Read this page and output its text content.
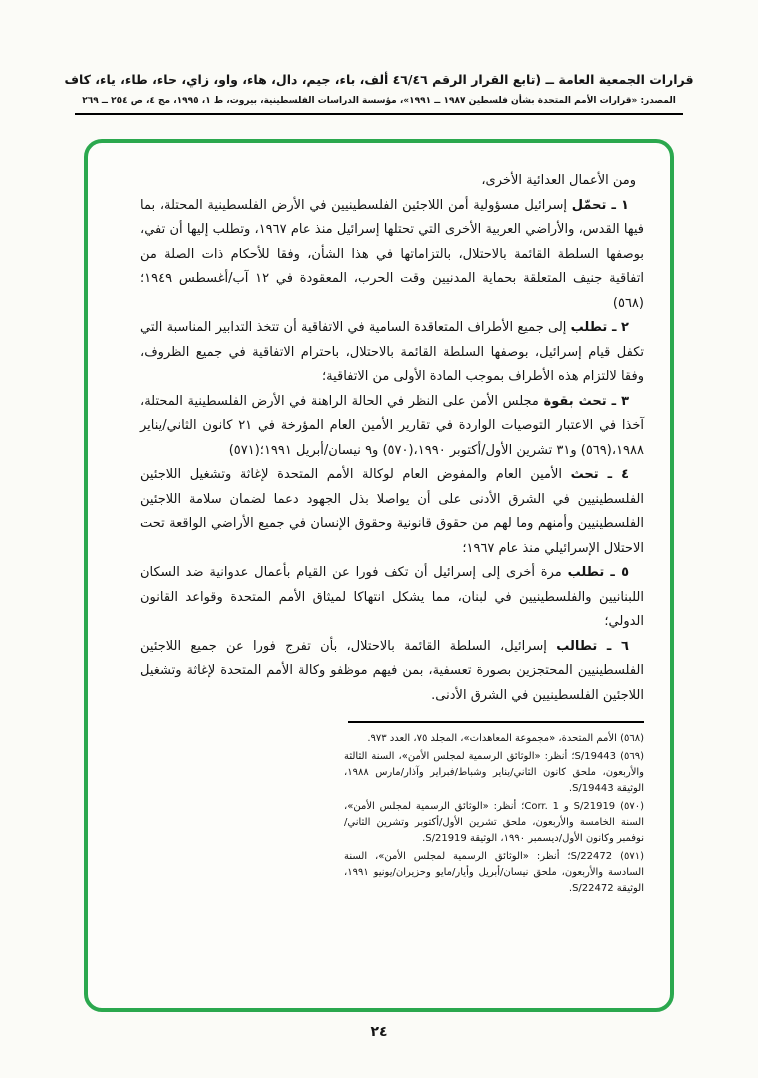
قرارات الجمعية العامة ــ (تابع القرار الرقم ٤٦/٤٦ ألف، باء، جيم، دال، هاء، واو، زاي، حاء، طاء، ياء، كاف
المصدر: «قرارات الأمم المتحدة بشأن فلسطين ١٩٨٧ ــ ١٩٩١»، مؤسسة الدراسات الفلسطينية، بيروت، ط ١، ١٩٩٥، مج ٤، ص ٢٥٤ ــ ٢٦٩

ومن الأعمال العدائية الأخرى،

١ ـ تحمّل إسرائيل مسؤولية أمن اللاجئين الفلسطينيين في الأرض الفلسطينية المحتلة، بما فيها القدس، والأراضي العربية الأخرى التي تحتلها إسرائيل منذ عام ١٩٦٧، وتطلب إليها أن تفي، بوصفها السلطة القائمة بالاحتلال، بالتزاماتها في هذا الشأن، وفقا للأحكام ذات الصلة من اتفاقية جنيف المتعلقة بحماية المدنيين وقت الحرب، المعقودة في ١٢ آب/أغسطس ١٩٤٩؛(٥٦٨)

٢ ـ تطلب إلى جميع الأطراف المتعاقدة السامية في الاتفاقية أن تتخذ التدابير المناسبة التي تكفل قيام إسرائيل، بوصفها السلطة القائمة بالاحتلال، باحترام الاتفاقية في جميع الظروف، وفقا لالتزام هذه الأطراف بموجب المادة الأولى من الاتفاقية؛

٣ ـ تحث بقوة مجلس الأمن على النظر في الحالة الراهنة في الأرض الفلسطينية المحتلة، آخذا في الاعتبار التوصيات الواردة في تقارير الأمين العام المؤرخة في ٢١ كانون الثاني/يناير ١٩٨٨،(٥٦٩) و٣١ تشرين الأول/أكتوبر ١٩٩٠،(٥٧٠) و٩ نيسان/أبريل ١٩٩١؛(٥٧١)

٤ ـ تحث الأمين العام والمفوض العام لوكالة الأمم المتحدة لإغاثة وتشغيل اللاجئين الفلسطينيين في الشرق الأدنى على أن يواصلا بذل الجهود دعما لضمان سلامة اللاجئين الفلسطينيين وأمنهم وما لهم من حقوق قانونية وحقوق الإنسان في جميع الأراضي الواقعة تحت الاحتلال الإسرائيلي منذ عام ١٩٦٧؛

٥ ـ تطلب مرة أخرى إلى إسرائيل أن تكف فورا عن القيام بأعمال عدوانية ضد السكان اللبنانيين والفلسطينيين في لبنان، مما يشكل انتهاكا لميثاق الأمم المتحدة وقواعد القانون الدولي؛

٦ ـ تطالب إسرائيل، السلطة القائمة بالاحتلال، بأن تفرج فورا عن جميع اللاجئين الفلسطينيين المحتجزين بصورة تعسفية، بمن فيهم موظفو وكالة الأمم المتحدة لإغاثة وتشغيل اللاجئين الفلسطينيين في الشرق الأدنى.

(٥٦٨) الأمم المتحدة، «مجموعة المعاهدات»، المجلد ٧٥، العدد ٩٧٣.

(٥٦٩) S/19443؛ أنظر: «الوثائق الرسمية لمجلس الأمن»، السنة الثالثة والأربعون، ملحق كانون الثاني/يناير وشباط/فبراير وآذار/مارس ١٩٨٨، الوثيقة S/19443.

(٥٧٠) S/21919 و Corr. 1؛ أنظر: «الوثائق الرسمية لمجلس الأمن»، السنة الخامسة والأربعون، ملحق تشرين الأول/أكتوبر وتشرين الثاني/نوفمبر وكانون الأول/ديسمبر ١٩٩٠، الوثيقة S/21919.

(٥٧١) S/22472؛ أنظر: «الوثائق الرسمية لمجلس الأمن»، السنة السادسة والأربعون، ملحق نيسان/أبريل وأيار/مايو وحزيران/يونيو ١٩٩١، الوثيقة S/22472.

٢٤
